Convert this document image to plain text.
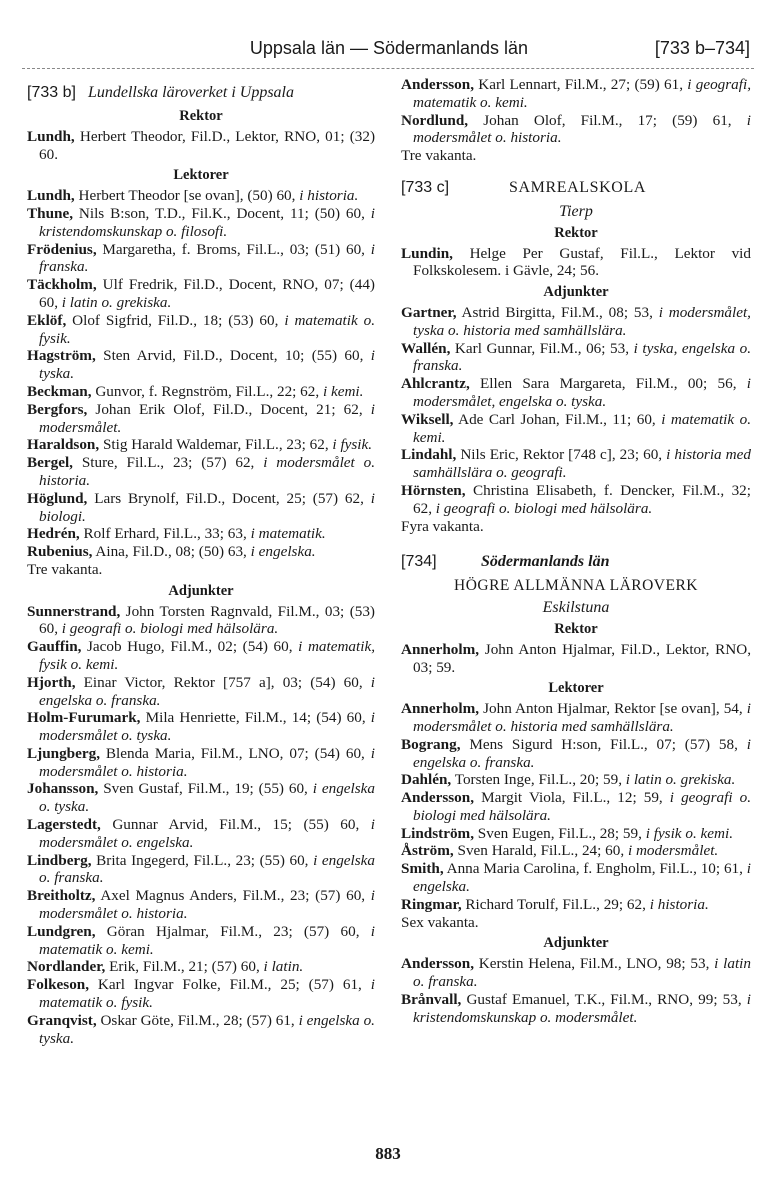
Uppsala län — Södermanlands län	[733 b–734]
[733 b] Lundellska läroverket i Uppsala
Rektor
Lundh, Herbert Theodor, Fil.D., Lektor, RNO, 01; (32) 60.
Lektorer
Lundh, Herbert Theodor [se ovan], (50) 60, i historia.
Thune, Nils B:son, T.D., Fil.K., Docent, 11; (50) 60, i kristendomskunskap o. filosofi.
Frödenius, Margaretha, f. Broms, Fil.L., 03; (51) 60, i franska.
Täckholm, Ulf Fredrik, Fil.D., Docent, RNO, 07; (44) 60, i latin o. grekiska.
Eklöf, Olof Sigfrid, Fil.D., 18; (53) 60, i matematik o. fysik.
Hagström, Sten Arvid, Fil.D., Docent, 10; (55) 60, i tyska.
Beckman, Gunvor, f. Regnström, Fil.L., 22; 62, i kemi.
Bergfors, Johan Erik Olof, Fil.D., Docent, 21; 62, i modersmålet.
Haraldson, Stig Harald Waldemar, Fil.L., 23; 62, i fysik.
Bergel, Sture, Fil.L., 23; (57) 62, i modersmålet o. historia.
Höglund, Lars Brynolf, Fil.D., Docent, 25; (57) 62, i biologi.
Hedrén, Rolf Erhard, Fil.L., 33; 63, i matematik.
Rubenius, Aina, Fil.D., 08; (50) 63, i engelska.
Tre vakanta.
Adjunkter
Sunnerstrand, John Torsten Ragnvald, Fil.M., 03; (53) 60, i geografi o. biologi med hälsolära.
Gauffin, Jacob Hugo, Fil.M., 02; (54) 60, i matematik, fysik o. kemi.
Hjorth, Einar Victor, Rektor [757 a], 03; (54) 60, i engelska o. franska.
Holm-Furumark, Mila Henriette, Fil.M., 14; (54) 60, i modersmålet o. tyska.
Ljungberg, Blenda Maria, Fil.M., LNO, 07; (54) 60, i modersmålet o. historia.
Johansson, Sven Gustaf, Fil.M., 19; (55) 60, i engelska o. tyska.
Lagerstedt, Gunnar Arvid, Fil.M., 15; (55) 60, i modersmålet o. engelska.
Lindberg, Brita Ingegerd, Fil.L., 23; (55) 60, i engelska o. franska.
Breitholtz, Axel Magnus Anders, Fil.M., 23; (57) 60, i modersmålet o. historia.
Lundgren, Göran Hjalmar, Fil.M., 23; (57) 60, i matematik o. kemi.
Nordlander, Erik, Fil.M., 21; (57) 60, i latin.
Folkeson, Karl Ingvar Folke, Fil.M., 25; (57) 61, i matematik o. fysik.
Granqvist, Oskar Göte, Fil.M., 28; (57) 61, i engelska o. tyska.
Andersson, Karl Lennart, Fil.M., 27; (59) 61, i geografi, matematik o. kemi.
Nordlund, Johan Olof, Fil.M., 17; (59) 61, i modersmålet o. historia.
Tre vakanta.
[733 c]	SAMREALSKOLA
Tierp
Rektor
Lundin, Helge Per Gustaf, Fil.L., Lektor vid Folkskolesem. i Gävle, 24; 56.
Adjunkter
Gartner, Astrid Birgitta, Fil.M., 08; 53, i modersmålet, tyska o. historia med samhällslära.
Wallén, Karl Gunnar, Fil.M., 06; 53, i tyska, engelska o. franska.
Ahlcrantz, Ellen Sara Margareta, Fil.M., 00; 56, i modersmålet, engelska o. tyska.
Wiksell, Ade Carl Johan, Fil.M., 11; 60, i matematik o. kemi.
Lindahl, Nils Eric, Rektor [748 c], 23; 60, i historia med samhällslära o. geografi.
Hörnsten, Christina Elisabeth, f. Dencker, Fil.M., 32; 62, i geografi o. biologi med hälsolära.
Fyra vakanta.
[734]	Södermanlands län
HÖGRE ALLMÄNNA LÄROVERK
Eskilstuna
Rektor
Annerholm, John Anton Hjalmar, Fil.D., Lektor, RNO, 03; 59.
Lektorer
Annerholm, John Anton Hjalmar, Rektor [se ovan], 54, i modersmålet o. historia med samhällslära.
Bograng, Mens Sigurd H:son, Fil.L., 07; (57) 58, i engelska o. franska.
Dahlén, Torsten Inge, Fil.L., 20; 59, i latin o. grekiska.
Andersson, Margit Viola, Fil.L., 12; 59, i geografi o. biologi med hälsolära.
Lindström, Sven Eugen, Fil.L., 28; 59, i fysik o. kemi.
Åström, Sven Harald, Fil.L., 24; 60, i modersmålet.
Smith, Anna Maria Carolina, f. Engholm, Fil.L., 10; 61, i engelska.
Ringmar, Richard Torulf, Fil.L., 29; 62, i historia.
Sex vakanta.
Adjunkter
Andersson, Kerstin Helena, Fil.M., LNO, 98; 53, i latin o. franska.
Brånvall, Gustaf Emanuel, T.K., Fil.M., RNO, 99; 53, i kristendomskunskap o. modersmålet.
883
